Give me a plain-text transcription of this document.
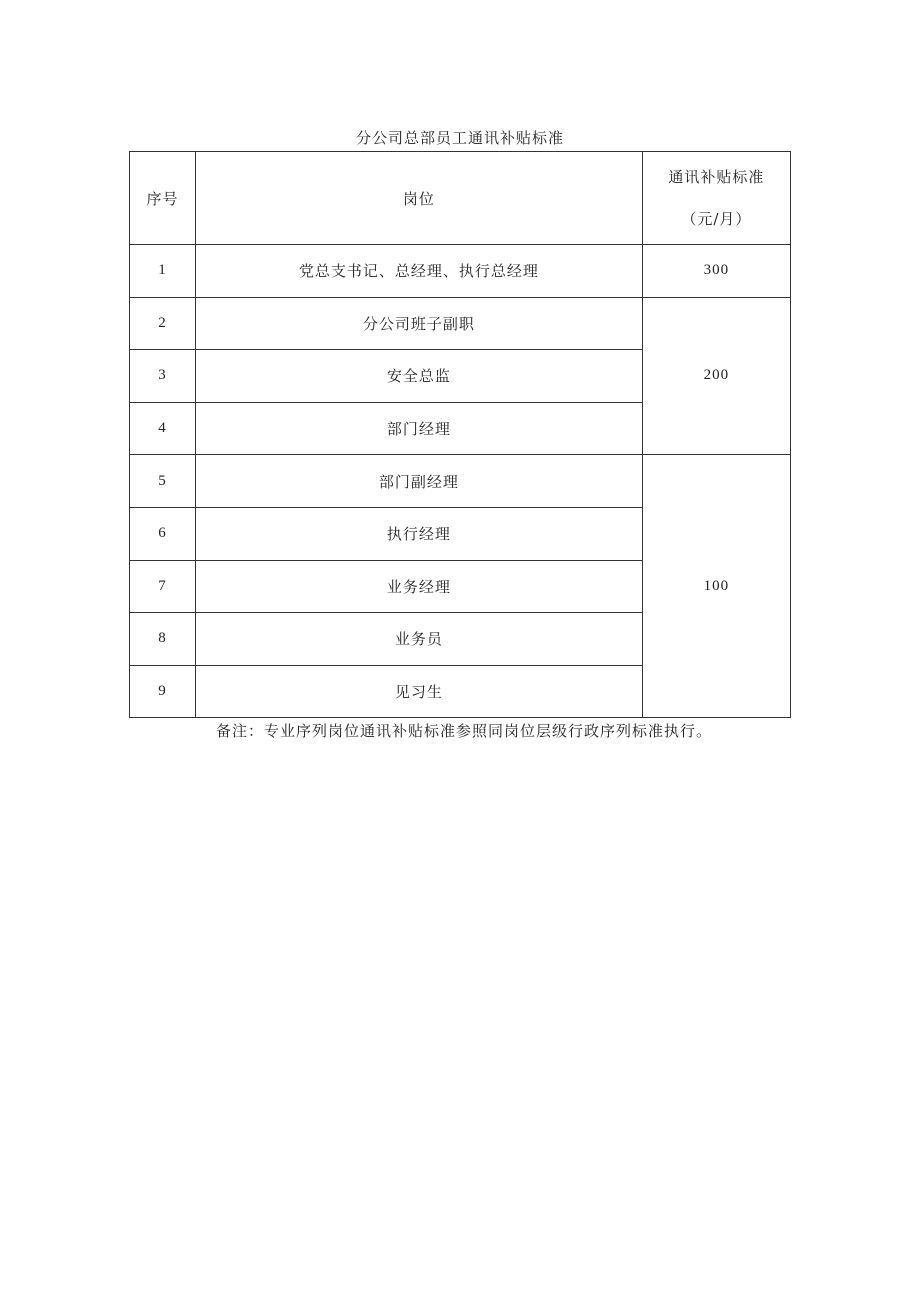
分公司总部员工通讯补贴标准
序号	岗位	通讯补贴标准
（元/月）

1	党总支书记、总经理、执行总经理	300
2	分公司班子副职	200
3	安全总监	
4	部门经理	
5	部门副经理	100
6	执行经理	
7	业务经理	
8	业务员	
9	见习生	
备注：专业序列岗位通讯补贴标准参照同岗位层级行政序列标准执行。
